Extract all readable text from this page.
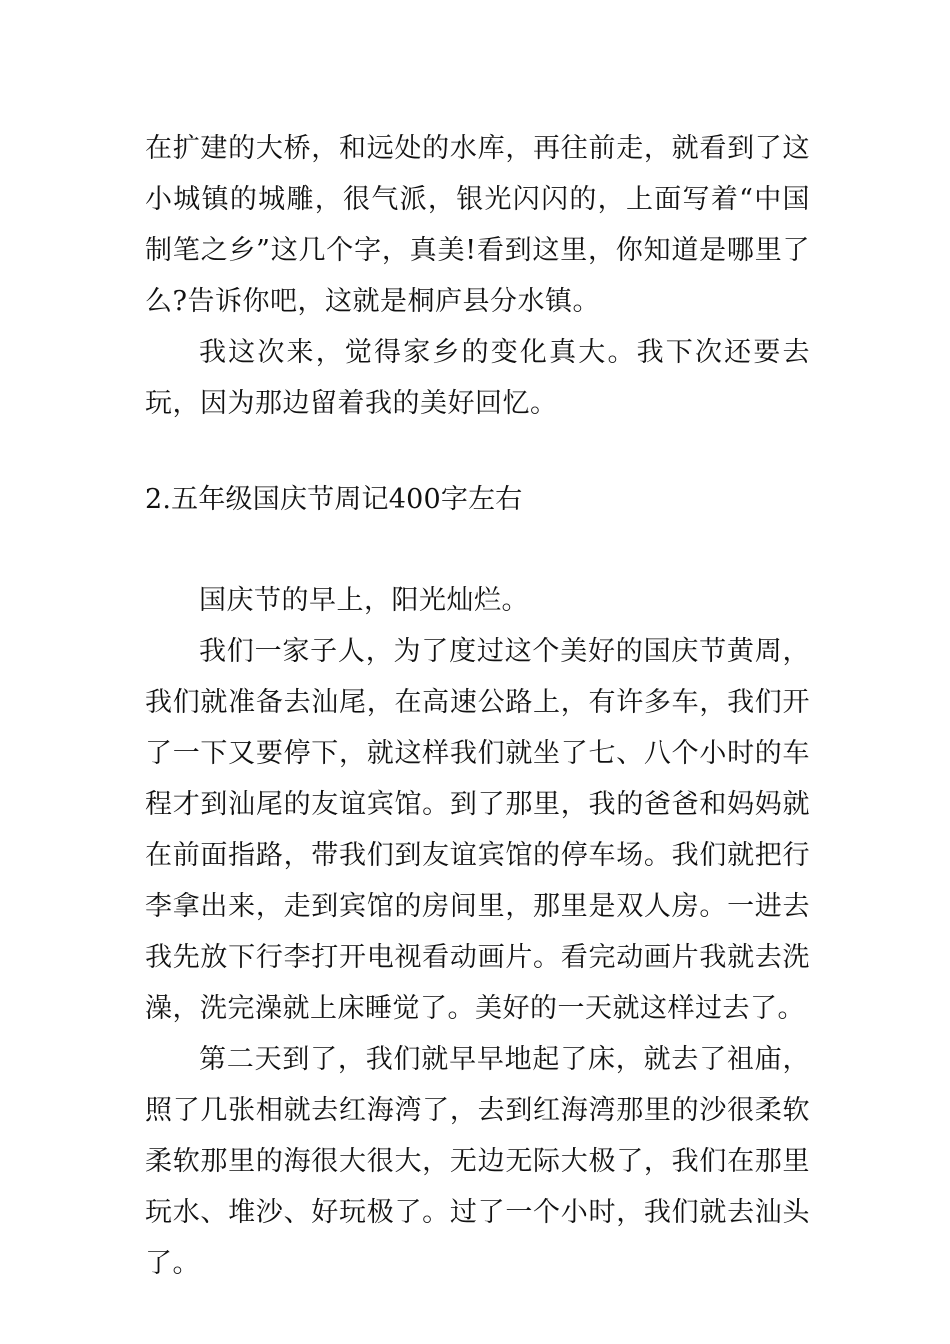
在扩建的大桥，和远处的水库，再往前走，就看到了这小城镇的城雕，很气派，银光闪闪的，上面写着“中国制笔之乡”这几个字，真美!看到这里，你知道是哪里了么?告诉你吧，这就是桐庐县分水镇。

我这次来，觉得家乡的变化真大。我下次还要去玩，因为那边留着我的美好回忆。

2.五年级国庆节周记400字左右

国庆节的早上，阳光灿烂。

我们一家子人，为了度过这个美好的国庆节黄周，我们就准备去汕尾，在高速公路上，有许多车，我们开了一下又要停下，就这样我们就坐了七、八个小时的车程才到汕尾的友谊宾馆。到了那里，我的爸爸和妈妈就在前面指路，带我们到友谊宾馆的停车场。我们就把行李拿出来，走到宾馆的房间里，那里是双人房。一进去我先放下行李打开电视看动画片。看完动画片我就去洗澡，洗完澡就上床睡觉了。美好的一天就这样过去了。

第二天到了，我们就早早地起了床，就去了祖庙，照了几张相就去红海湾了，去到红海湾那里的沙很柔软柔软那里的海很大很大，无边无际大极了，我们在那里玩水、堆沙、好玩极了。过了一个小时，我们就去汕头了。
